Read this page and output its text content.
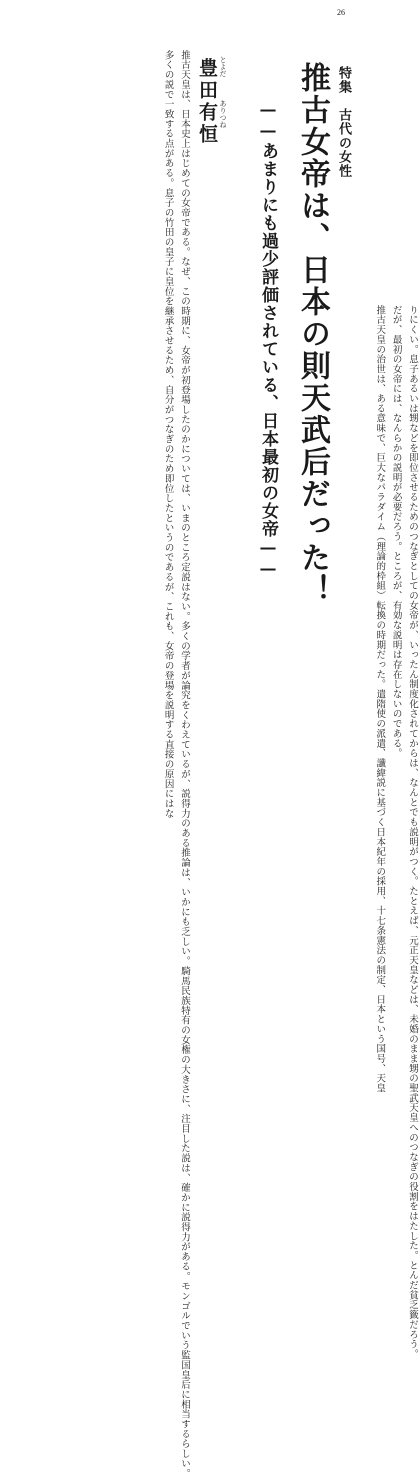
26
特集　古代の女性
推古女帝は、日本の則天武后だった！
——あまりにも過少評価されている、日本最初の女帝——
とよだ
ありつね
豊田有恒
推古天皇は、日本史上はじめての女帝である。なぜ、この時期に、女帝が初登場したのかについては、いまのところ定説はない。多くの学者が論究をくわえているが、説得力のある推論は、いかにも乏しい。騎馬民族特有の女権の大きさに、注目した説は、確かに説得力がある。モンゴルでいう監国皇后に相当するらしい。
多くの説で一致する点がある。息子の竹田の皇子に皇位を継承させるため、自分がつなぎのため即位したというのであるが、これも、女帝の登場を説明する直接の原因にはな	りにくい。息子あるいは甥などを即位させるためのつなぎとしての女帝が、いったん制度化されてからは、なんとでも説明がつく。たとえば、元正天皇などは、未婚のまま甥の聖武天皇へのつなぎの役割をはたした。とんだ貧乏籤だろう。
だが、最初の女帝には、なんらかの説明が必要だろう。ところが、有効な説明は存在しないのである。
推古天皇の治世は、ある意味で、巨大なパラダイム（理論的枠組）転換の時期だった。遣隋使の派遣、讖緯説に基づく日本紀年の採用、十七条憲法の制定、日本という国号、天皇
